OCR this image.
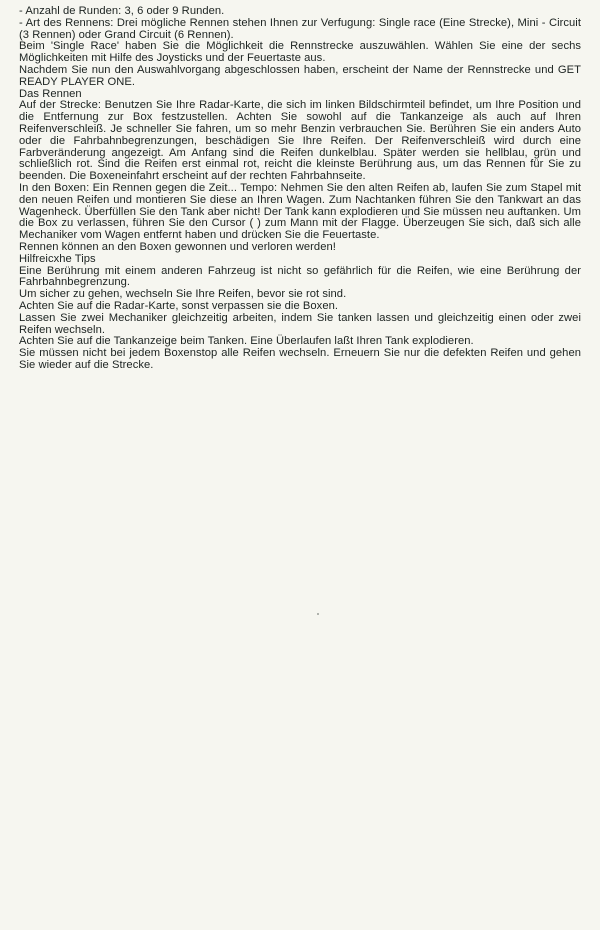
- Anzahl de Runden: 3, 6 oder 9 Runden.

- Art des Rennens: Drei mögliche Rennen stehen Ihnen zur Verfugung: Single race (Eine Strecke), Mini - Circuit (3 Rennen) oder Grand Circuit (6 Rennen).

Beim 'Single Race' haben Sie die Möglichkeit die Rennstrecke auszuwählen. Wählen Sie eine der sechs Möglichkeiten mit Hilfe des Joysticks und der Feuertaste aus.

Nachdem Sie nun den Auswahlvorgang abgeschlossen haben, erscheint der Name der Rennstrecke und GET READY PLAYER ONE.

Das Rennen

Auf der Strecke: Benutzen Sie Ihre Radar-Karte, die sich im linken Bildschirmteil befindet, um Ihre Position und die Entfernung zur Box festzustellen. Achten Sie sowohl auf die Tankanzeige als auch auf Ihren Reifenverschleiß. Je schneller Sie fahren, um so mehr Benzin verbrauchen Sie. Berühren Sie ein anders Auto oder die Fahrbahnbegrenzungen, beschädigen Sie Ihre Reifen. Der Reifenverschleiß wird durch eine Farbveränderung angezeigt. Am Anfang sind die Reifen dunkelblau. Später werden sie hellblau, grün und schließlich rot. Sind die Reifen erst einmal rot, reicht die kleinste Berührung aus, um das Rennen für Sie zu beenden. Die Boxeneinfahrt erscheint auf der rechten Fahrbahnseite.

In den Boxen: Ein Rennen gegen die Zeit... Tempo: Nehmen Sie den alten Reifen ab, laufen Sie zum Stapel mit den neuen Reifen und montieren Sie diese an Ihren Wagen. Zum Nachtanken führen Sie den Tankwart an das Wagenheck. Überfüllen Sie den Tank aber nicht! Der Tank kann explodieren und Sie müssen neu auftanken. Um die Box zu verlassen, führen Sie den Cursor ( ) zum Mann mit der Flagge. Überzeugen Sie sich, daß sich alle Mechaniker vom Wagen entfernt haben und drücken Sie die Feuertaste.

Rennen können an den Boxen gewonnen und verloren werden!

Hilfreicxhe Tips

Eine Berührung mit einem anderen Fahrzeug ist nicht so gefährlich für die Reifen, wie eine Berührung der Fahrbahnbegrenzung.

Um sicher zu gehen, wechseln Sie Ihre Reifen, bevor sie rot sind.

Achten Sie auf die Radar-Karte, sonst verpassen sie die Boxen.

Lassen Sie zwei Mechaniker gleichzeitig arbeiten, indem Sie tanken lassen und gleichzeitig einen oder zwei Reifen wechseln.

Achten Sie auf die Tankanzeige beim Tanken. Eine Überlaufen laßt Ihren Tank explodieren.

Sie müssen nicht bei jedem Boxenstop alle Reifen wechseln. Erneuern Sie nur die defekten Reifen und gehen Sie wieder auf die Strecke.
